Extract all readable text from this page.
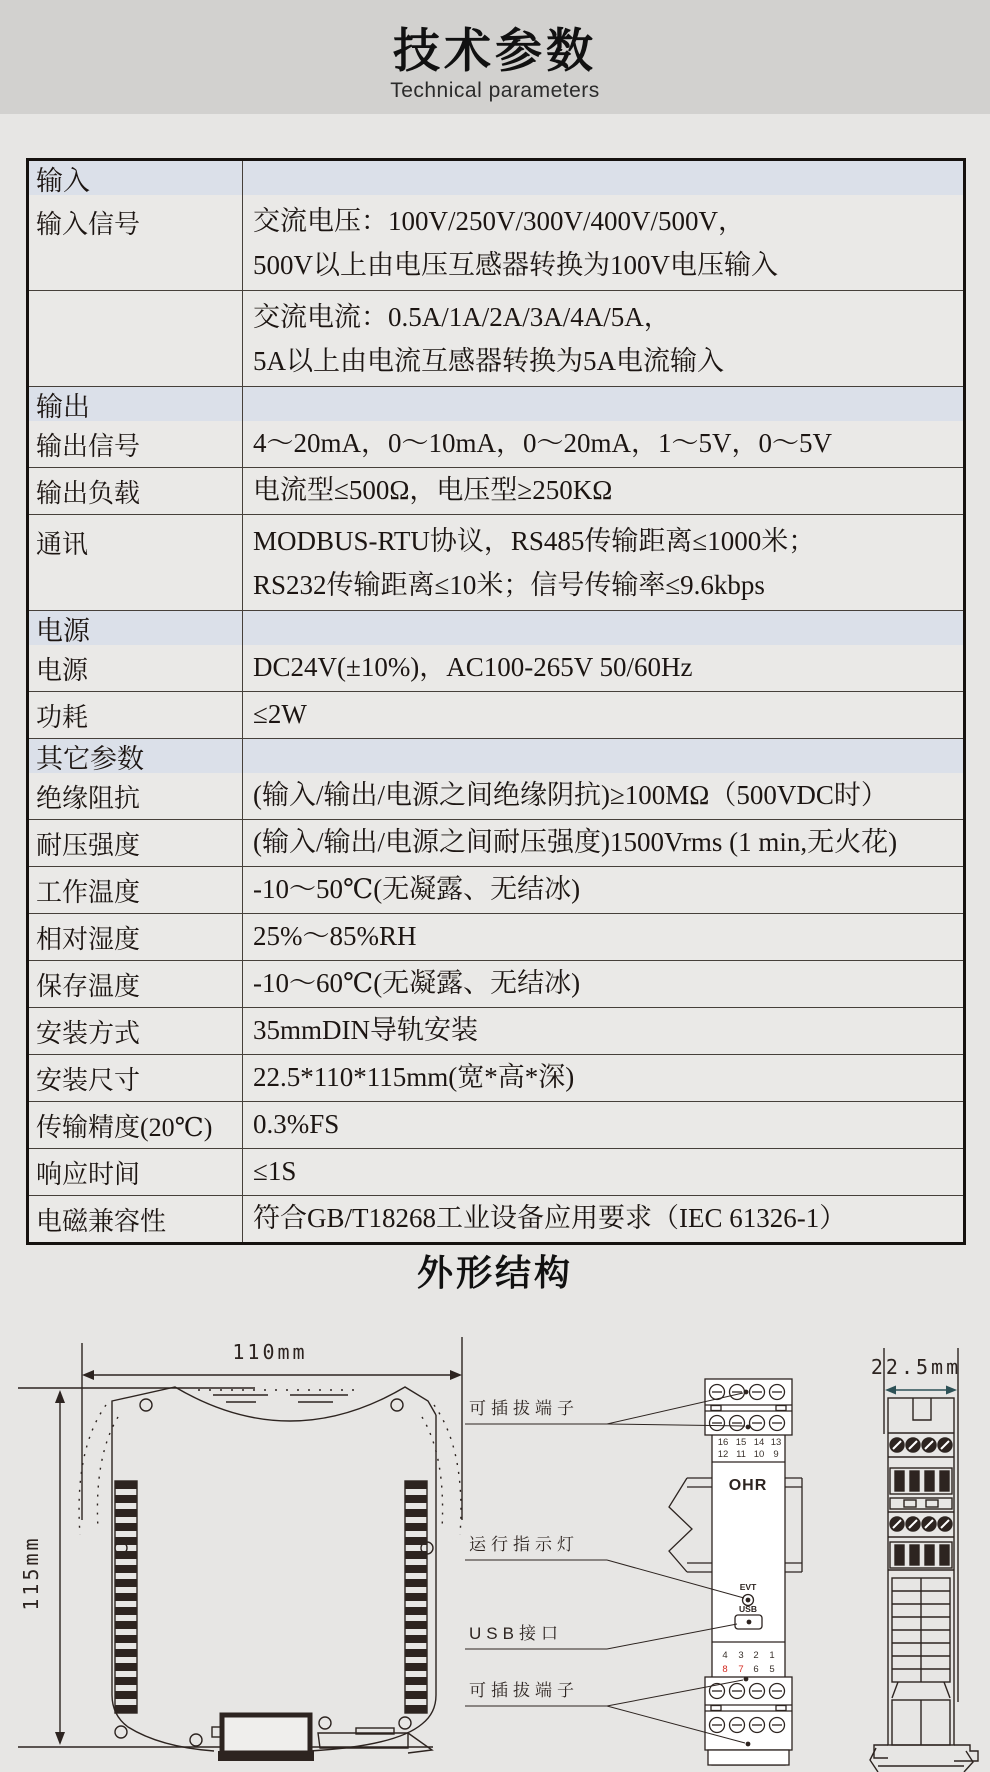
技术参数
Technical parameters
输入
输入信号	交流电压：100V/250V/300V/400V/500V，
500V以上由电压互感器转换为100V电压输入
交流电流：0.5A/1A/2A/3A/4A/5A，
5A以上由电流互感器转换为5A电流输入
输出
输出信号	4～20mA，0～10mA，0～20mA，1～5V，0～5V
输出负载	电流型≤500Ω，电压型≥250KΩ
通讯	MODBUS-RTU协议，RS485传输距离≤1000米；
RS232传输距离≤10米；信号传输率≤9.6kbps
电源
电源	DC24V(±10%)，AC100-265V 50/60Hz
功耗	≤2W
其它参数
绝缘阻抗	(输入/输出/电源之间绝缘阴抗)≥100MΩ（500VDC时）
耐压强度	(输入/输出/电源之间耐压强度)1500Vrms (1 min,无火花)
工作温度	-10～50℃(无凝露、无结冰)
相对湿度	25%～85%RH
保存温度	-10～60℃(无凝露、无结冰)
安装方式	35mmDIN导轨安装
安装尺寸	22.5*110*115mm(宽*高*深)
传输精度(20℃)	0.3%FS
响应时间	≤1S
电磁兼容性	符合GB/T18268工业设备应用要求（IEC 61326-1）
外形结构
110mm
115mm
可插拔端子
运行指示灯
USB接口
可插拔端子
16 15 14 13
12 11 10 9
OHR
EVT
USB
4 3 2 1
8 7 6 5
22.5mm
